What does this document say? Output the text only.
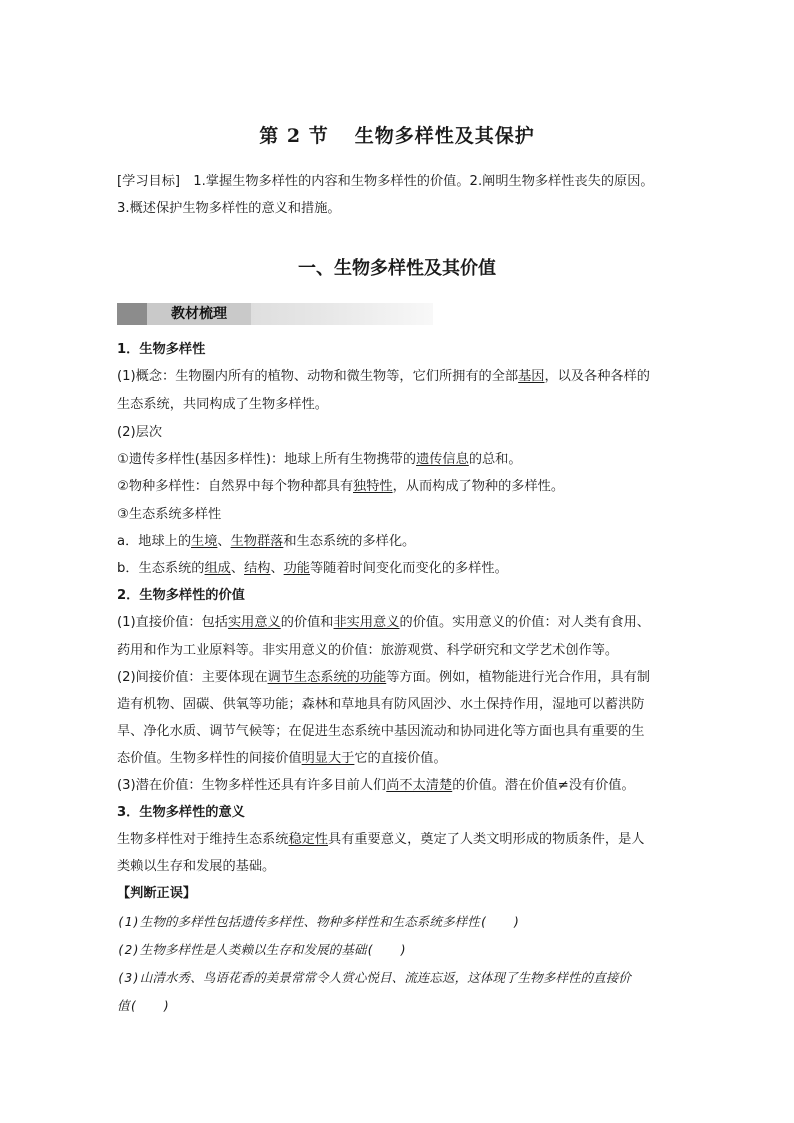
第 2 节 生物多样性及其保护
[学习目标]　1.掌握生物多样性的内容和生物多样性的价值。2.阐明生物多样性丧失的原因。
3.概述保护生物多样性的意义和措施。
一、生物多样性及其价值
教材梳理
1．生物多样性
(1)概念：生物圈内所有的植物、动物和微生物等，它们所拥有的全部基因，以及各种各样的
生态系统，共同构成了生物多样性。
(2)层次
①遗传多样性(基因多样性)：地球上所有生物携带的遗传信息的总和。
②物种多样性：自然界中每个物种都具有独特性，从而构成了物种的多样性。
③生态系统多样性
a．地球上的生境、生物群落和生态系统的多样化。
b．生态系统的组成、结构、功能等随着时间变化而变化的多样性。
2．生物多样性的价值
(1)直接价值：包括实用意义的价值和非实用意义的价值。实用意义的价值：对人类有食用、
药用和作为工业原料等。非实用意义的价值：旅游观赏、科学研究和文学艺术创作等。
(2)间接价值：主要体现在调节生态系统的功能等方面。例如，植物能进行光合作用，具有制
造有机物、固碳、供氧等功能；森林和草地具有防风固沙、水土保持作用，湿地可以蓄洪防
旱、净化水质、调节气候等；在促进生态系统中基因流动和协同进化等方面也具有重要的生
态价值。生物多样性的间接价值明显大于它的直接价值。
(3)潜在价值：生物多样性还具有许多目前人们尚不太清楚的价值。潜在价值≠没有价值。
3．生物多样性的意义
生物多样性对于维持生态系统稳定性具有重要意义，奠定了人类文明形成的物质条件，是人
类赖以生存和发展的基础。
【判断正误】
(1)生物的多样性包括遗传多样性、物种多样性和生态系统多样性(　　)
(2)生物多样性是人类赖以生存和发展的基础(　　)
(3)山清水秀、鸟语花香的美景常常令人赏心悦目、流连忘返，这体现了生物多样性的直接价
值(　　)
